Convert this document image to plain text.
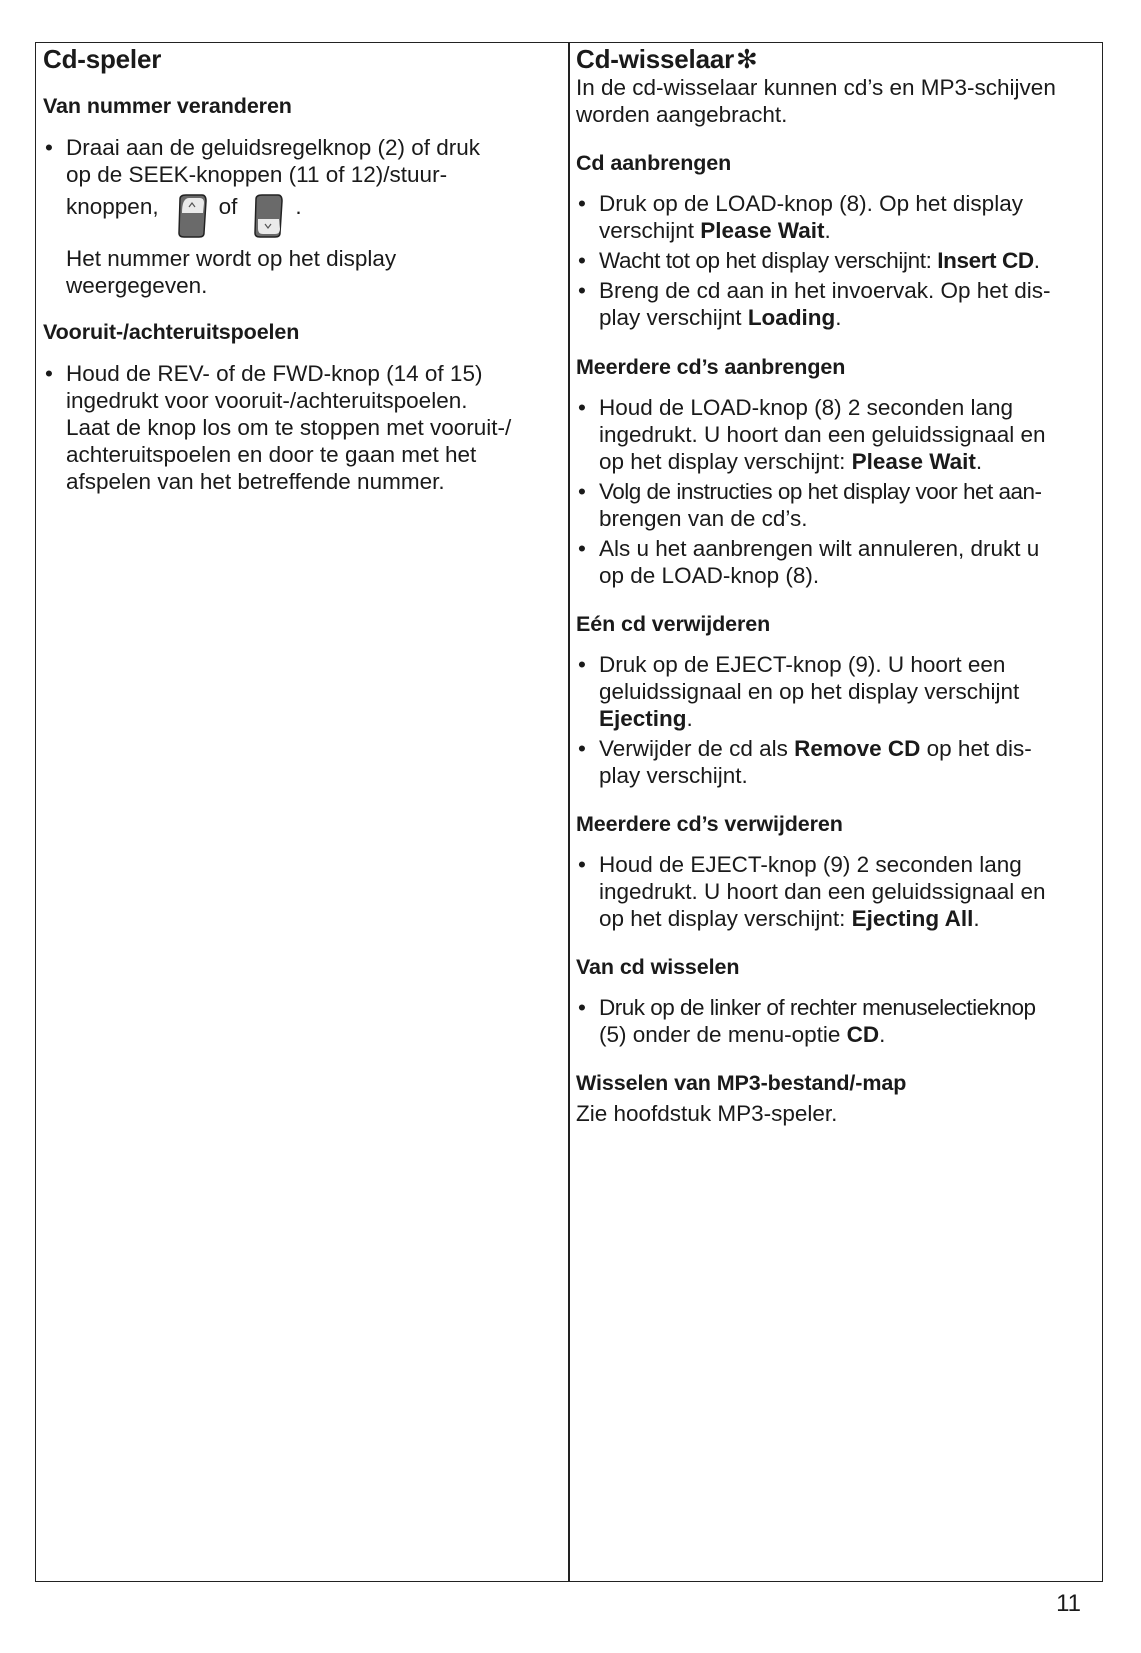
Cd-speler
Van nummer veranderen
• Draai aan de geluidsregelknop (2) of druk
op de SEEK-knoppen (11 of 12)/stuur-
knoppen,	of	.
Het nummer wordt op het display
weergegeven.
Vooruit-/achteruitspoelen
• Houd de REV- of de FWD-knop (14 of 15)
ingedrukt voor vooruit-/achteruitspoelen.
Laat de knop los om te stoppen met vooruit-/
achteruitspoelen en door te gaan met het
afspelen van het betreffende nummer.
Cd-wisselaar✻

In de cd-wisselaar kunnen cd’s en MP3-schijven

worden aangebracht.

Cd aanbrengen
• Druk op de LOAD-knop (8). Op het display
verschijnt Please Wait.
• Wacht tot op het display verschijnt: Insert CD.
• Breng de cd aan in het invoervak. Op het dis-
play verschijnt Loading.
Meerdere cd’s aanbrengen
• Houd de LOAD-knop (8) 2 seconden lang
ingedrukt. U hoort dan een geluidssignaal en
op het display verschijnt: Please Wait.
• Volg de instructies op het display voor het aan-
brengen van de cd’s.
• Als u het aanbrengen wilt annuleren, drukt u
op de LOAD-knop (8).
Eén cd verwijderen
• Druk op de EJECT-knop (9). U hoort een
geluidssignaal en op het display verschijnt
Ejecting.
• Verwijder de cd als Remove CD op het dis-
play verschijnt.
Meerdere cd’s verwijderen
• Houd de EJECT-knop (9) 2 seconden lang
ingedrukt. U hoort dan een geluidssignaal en
op het display verschijnt: Ejecting All.
Van cd wisselen
• Druk op de linker of rechter menuselectieknop
(5) onder de menu-optie CD.
Wisselen van MP3-bestand/-map

Zie hoofdstuk MP3-speler.

11
